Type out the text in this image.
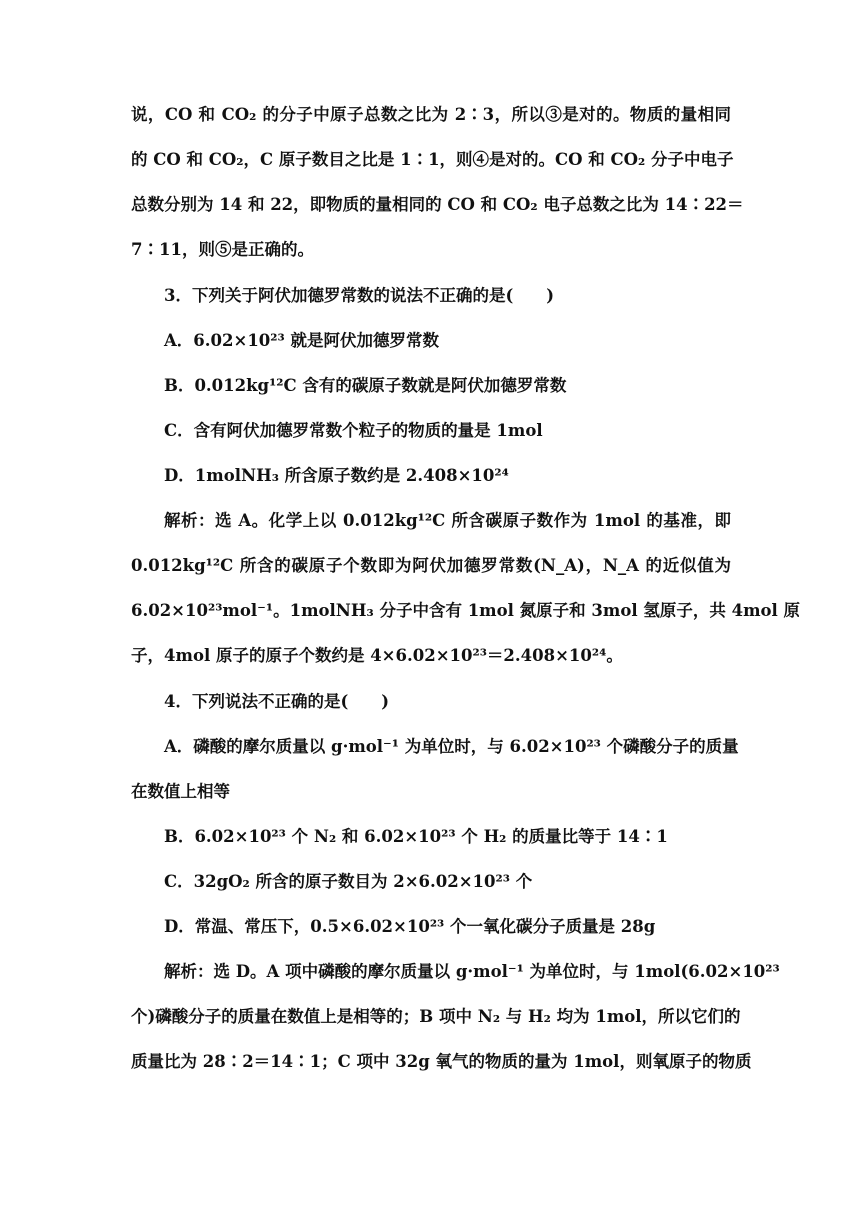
说，CO 和 CO₂ 的分子中原子总数之比为 2∶3，所以③是对的。物质的量相同
的 CO 和 CO₂，C 原子数目之比是 1∶1，则④是对的。CO 和 CO₂ 分子中电子
总数分别为 14 和 22，即物质的量相同的 CO 和 CO₂ 电子总数之比为 14∶22＝
7∶11，则⑤是正确的。
3．下列关于阿伏加德罗常数的说法不正确的是(　　)
A．6.02×10²³ 就是阿伏加德罗常数
B．0.012kg¹²C 含有的碳原子数就是阿伏加德罗常数
C．含有阿伏加德罗常数个粒子的物质的量是 1mol
D．1molNH₃ 所含原子数约是 2.408×10²⁴
解析：选 A。化学上以 0.012kg¹²C 所含碳原子数作为 1mol 的基准，即
0.012kg¹²C 所含的碳原子个数即为阿伏加德罗常数(N_A)，N_A 的近似值为
6.02×10²³mol⁻¹。1molNH₃ 分子中含有 1mol 氮原子和 3mol 氢原子，共 4mol 原
子，4mol 原子的原子个数约是 4×6.02×10²³＝2.408×10²⁴。
4．下列说法不正确的是(　　)
A．磷酸的摩尔质量以 g·mol⁻¹ 为单位时，与 6.02×10²³ 个磷酸分子的质量
在数值上相等
B．6.02×10²³ 个 N₂ 和 6.02×10²³ 个 H₂ 的质量比等于 14∶1
C．32gO₂ 所含的原子数目为 2×6.02×10²³ 个
D．常温、常压下，0.5×6.02×10²³ 个一氧化碳分子质量是 28g
解析：选 D。A 项中磷酸的摩尔质量以 g·mol⁻¹ 为单位时，与 1mol(6.02×10²³
个)磷酸分子的质量在数值上是相等的；B 项中 N₂ 与 H₂ 均为 1mol，所以它们的
质量比为 28∶2＝14∶1；C 项中 32g 氧气的物质的量为 1mol，则氧原子的物质
